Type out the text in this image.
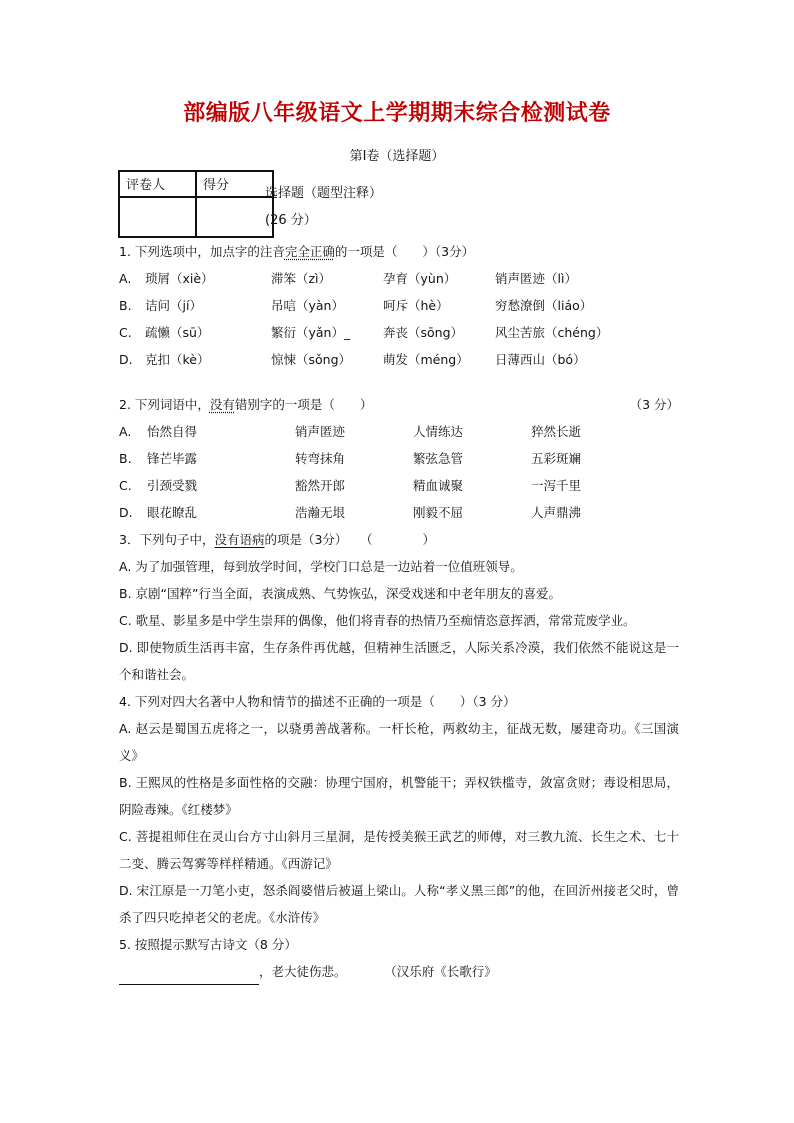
部编版八年级语文上学期期末综合检测试卷
第Ⅰ卷（选择题）
评卷人	得分

选择题（题型注释）
(26 分）
1. 下列选项中，加点字的注音完全正确的一项是（　　）（3分）
A. 琐屑（xiè）	滞笨（zì）	孕育（yùn）	销声匿迹（lì）
B. 诘问（jí）	吊唁（yàn）	呵斥（hè）	穷愁潦倒（liáo）
C. 疏懒（sū）	繁衍（yǎn）_	奔丧（sōng）	风尘苦旅（chéng）
D. 克扣（kè）	惊悚（sǒng）	萌发（méng） 日薄西山（bó）
2. 下列词语中，没有错别字的一项是（　　）	（3 分）
A. 怡然自得	销声匿迹	人情练达	猝然长逝
B. 锋芒毕露	转弯抹角	繁弦急管	五彩斑斓
C. 引颈受戮	豁然开郎	精血诚聚	一泻千里
D. 眼花瞭乱	浩瀚无垠	刚毅不屈	人声鼎沸
3．下列句子中，没有语病的项是（3分）　　（　　　　）
A. 为了加强管理，每到放学时间，学校门口总是一边站着一位值班领导。
B. 京剧“国粹”行当全面，表演成熟、气势恢弘，深受戏迷和中老年朋友的喜爱。
C. 歌星、影星多是中学生崇拜的偶像，他们将青春的热情乃至痴情恣意挥洒，常常荒废学业。
D. 即使物质生活再丰富，生存条件再优越，但精神生活匮乏，人际关系冷漠，我们依然不能说这是一个和谐社会。
4. 下列对四大名著中人物和情节的描述不正确的一项是（　　）（3 分）
A. 赵云是蜀国五虎将之一，以骁勇善战著称。一杆长枪，两救幼主，征战无数，屡建奇功。《三国演义》
B. 王熙凤的性格是多面性格的交融：协理宁国府，机警能干；弄权铁槛寺，敛富贪财；毒设相思局，阴险毒辣。《红楼梦》
C. 菩提祖师住在灵山台方寸山斜月三星洞，是传授美猴王武艺的师傅，对三教九流、长生之术、七十二变、腾云驾雾等样样精通。《西游记》
D. 宋江原是一刀笔小吏，怒杀阎婆惜后被逼上梁山。人称“孝义黑三郎”的他，在回沂州接老父时，曾杀了四只吃掉老父的老虎。《水浒传》
5. 按照提示默写古诗文（8 分）
，老大徒伤悲。	（汉乐府《长歌行》
